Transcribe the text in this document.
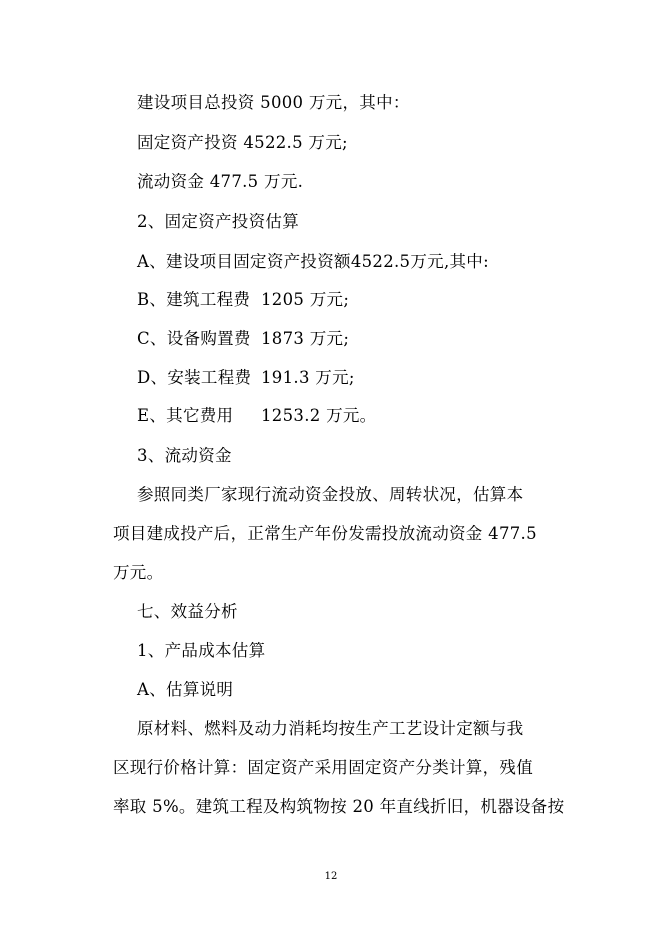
建设项目总投资 5000 万元，其中：
固定资产投资 4522.5 万元;
流动资金 477.5 万元.
2、固定资产投资估算
A、建设项目固定资产投资额4522.5万元,其中:
B、建筑工程费 1205 万元;
C、设备购置费 1873 万元;
D、安装工程费 191.3 万元;
E、其它费用 1253.2 万元。
3、流动资金
参照同类厂家现行流动资金投放、周转状况，估算本
项目建成投产后，正常生产年份发需投放流动资金 477.5
万元。
七、效益分析
1、产品成本估算
A、估算说明
原材料、燃料及动力消耗均按生产工艺设计定额与我
区现行价格计算：固定资产采用固定资产分类计算，残值
率取 5%。建筑工程及构筑物按 20 年直线折旧，机器设备按
12
